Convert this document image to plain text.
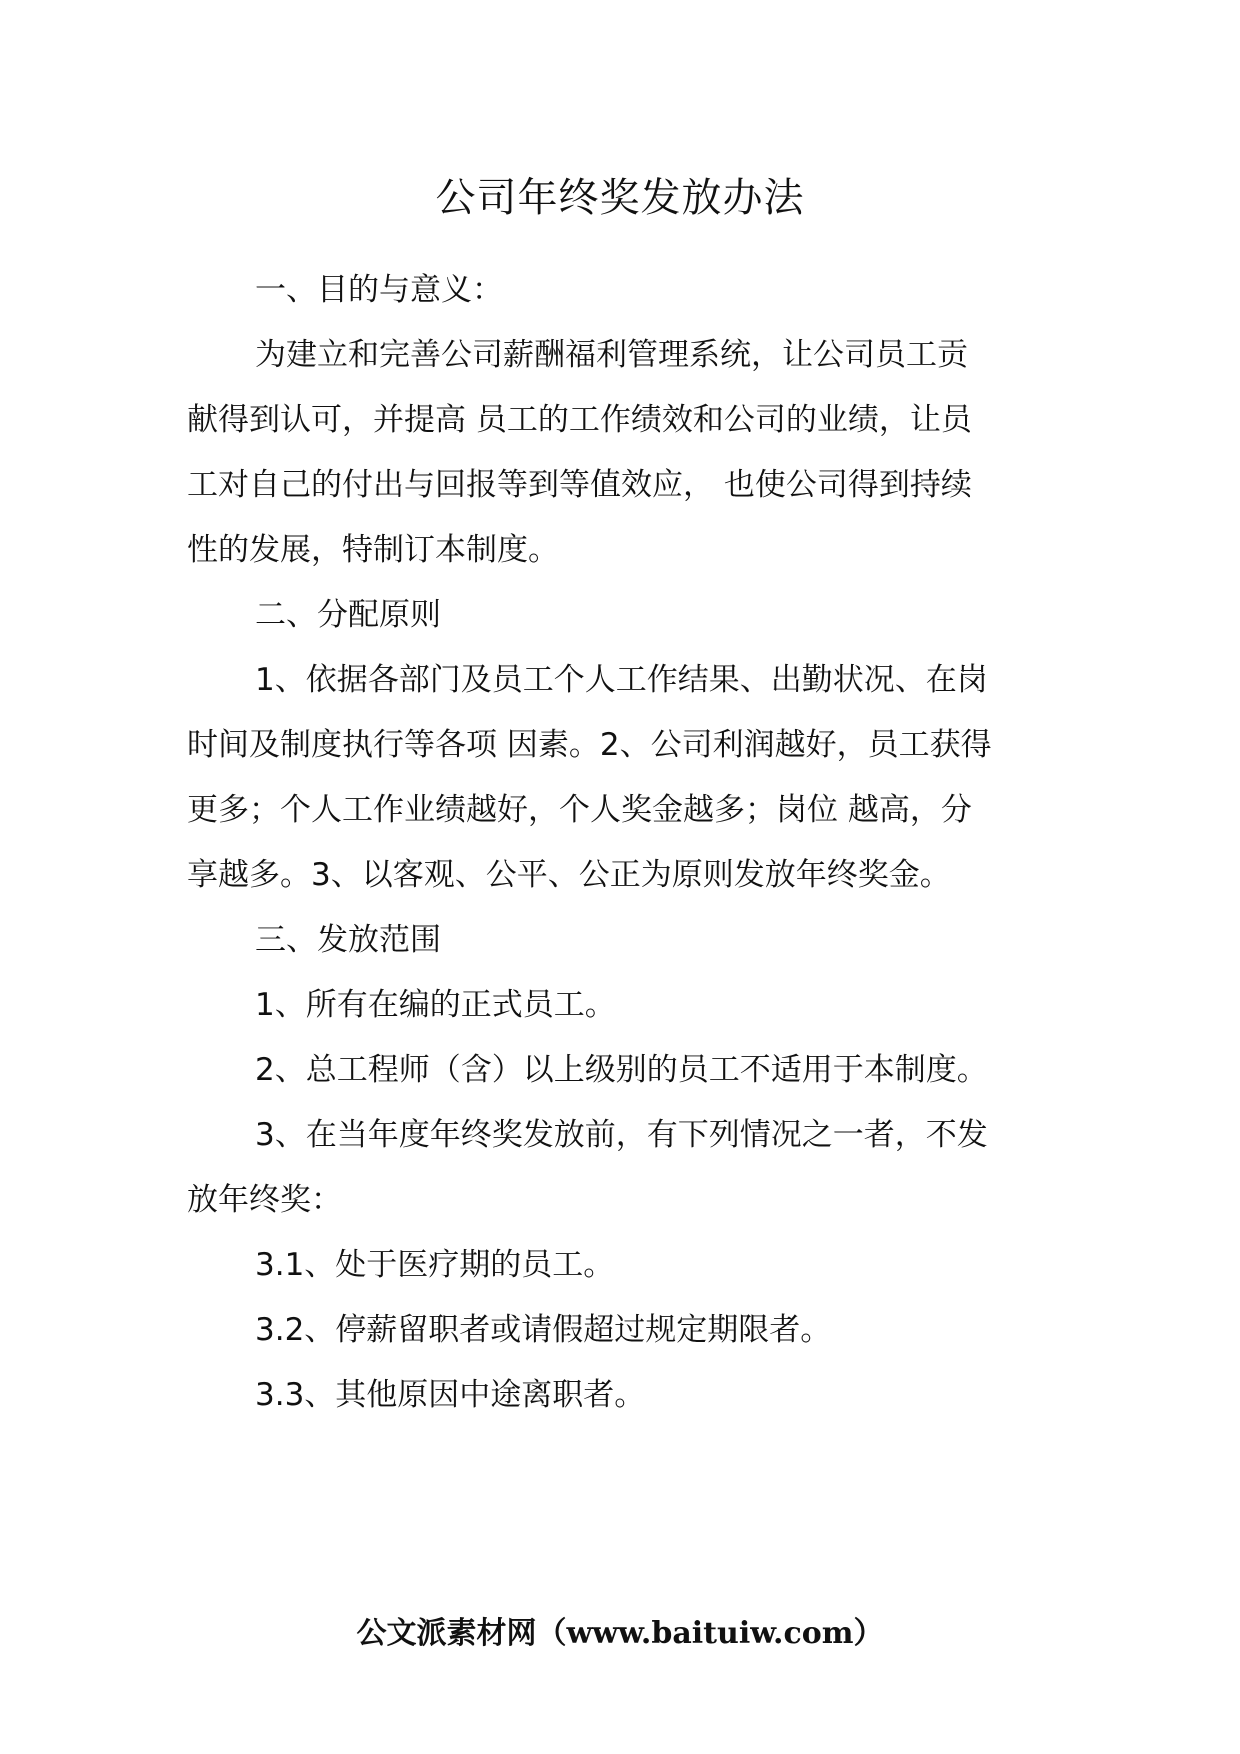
公司年终奖发放办法
一、目的与意义：
为建立和完善公司薪酬福利管理系统，让公司员工贡
献得到认可，并提高 员工的工作绩效和公司的业绩，让员
工对自己的付出与回报等到等值效应， 也使公司得到持续
性的发展，特制订本制度。
二、分配原则
1、依据各部门及员工个人工作结果、出勤状况、在岗
时间及制度执行等各项 因素。2、公司利润越好，员工获得
更多；个人工作业绩越好，个人奖金越多；岗位 越高，分
享越多。3、以客观、公平、公正为原则发放年终奖金。
三、发放范围
1、所有在编的正式员工。
2、总工程师（含）以上级别的员工不适用于本制度。
3、在当年度年终奖发放前，有下列情况之一者，不发
放年终奖：
3.1、处于医疗期的员工。
3.2、停薪留职者或请假超过规定期限者。
3.3、其他原因中途离职者。
公文派素材网（www.baituiw.com）
